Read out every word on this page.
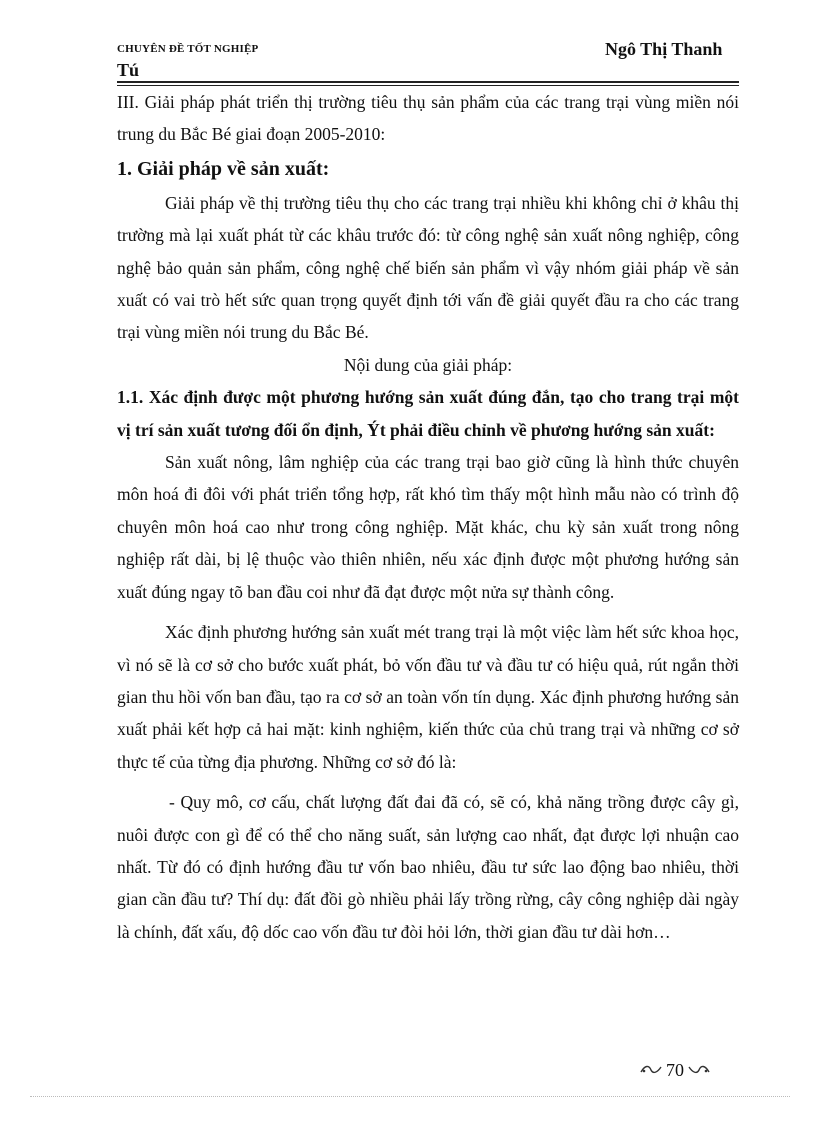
CHUYÊN ĐỀ TỐT NGHIỆP	Ngô Thị Thanh
Tú

III. Giải pháp phát triển thị trường tiêu thụ sản phẩm của các trang trại vùng miền nói trung du Bắc Bé giai đoạn 2005-2010:

1. Giải pháp về sản xuất:

Giải pháp về thị trường tiêu thụ cho các trang trại nhiều khi không chỉ ở khâu thị trường mà lại xuất phát từ các khâu trước đó: từ công nghệ sản xuất nông nghiệp, công nghệ bảo quản sản phẩm, công nghệ chế biến sản phẩm vì vậy nhóm giải pháp về sản xuất có vai trò hết sức quan trọng quyết định tới vấn đề giải quyết đầu ra cho các trang trại vùng miền nói trung du Bắc Bé.

Nội dung của giải pháp:

1.1. Xác định được một phương hướng sản xuất đúng đắn, tạo cho trang trại một vị trí sản xuất tương đối ổn định, Ýt phải điều chỉnh về phương hướng sản xuất:

Sản xuất nông, lâm nghiệp của các trang trại bao giờ cũng là hình thức chuyên môn hoá đi đôi với phát triển tổng hợp, rất khó tìm thấy một hình mẫu nào có trình độ chuyên môn hoá cao như trong công nghiệp. Mặt khác, chu kỳ sản xuất trong nông nghiệp rất dài, bị lệ thuộc vào thiên nhiên, nếu xác định được một phương hướng sản xuất đúng ngay tõ ban đầu coi như đã đạt được một nửa sự thành công.

Xác định phương hướng sản xuất mét trang trại là một việc làm hết sức khoa học, vì nó sẽ là cơ sở cho bước xuất phát, bỏ vốn đầu tư và đầu tư có hiệu quả, rút ngắn thời gian thu hồi vốn ban đầu, tạo ra cơ sở an toàn vốn tín dụng. Xác định phương hướng sản xuất phải kết hợp cả hai mặt: kinh nghiệm, kiến thức của chủ trang trại và những cơ sở thực tế của từng địa phương. Những cơ sở đó là:

- Quy mô, cơ cấu, chất lượng đất đai đã có, sẽ có, khả năng trồng được cây gì, nuôi được con gì để có thể cho năng suất, sản lượng cao nhất, đạt được lợi nhuận cao nhất. Từ đó có định hướng đầu tư vốn bao nhiêu, đầu tư sức lao động bao nhiêu, thời gian cần đầu tư? Thí dụ: đất đồi gò nhiều phải lấy trồng rừng, cây công nghiệp dài ngày là chính, đất xấu, độ dốc cao vốn đầu tư đòi hỏi lớn, thời gian đầu tư dài hơn…

70
